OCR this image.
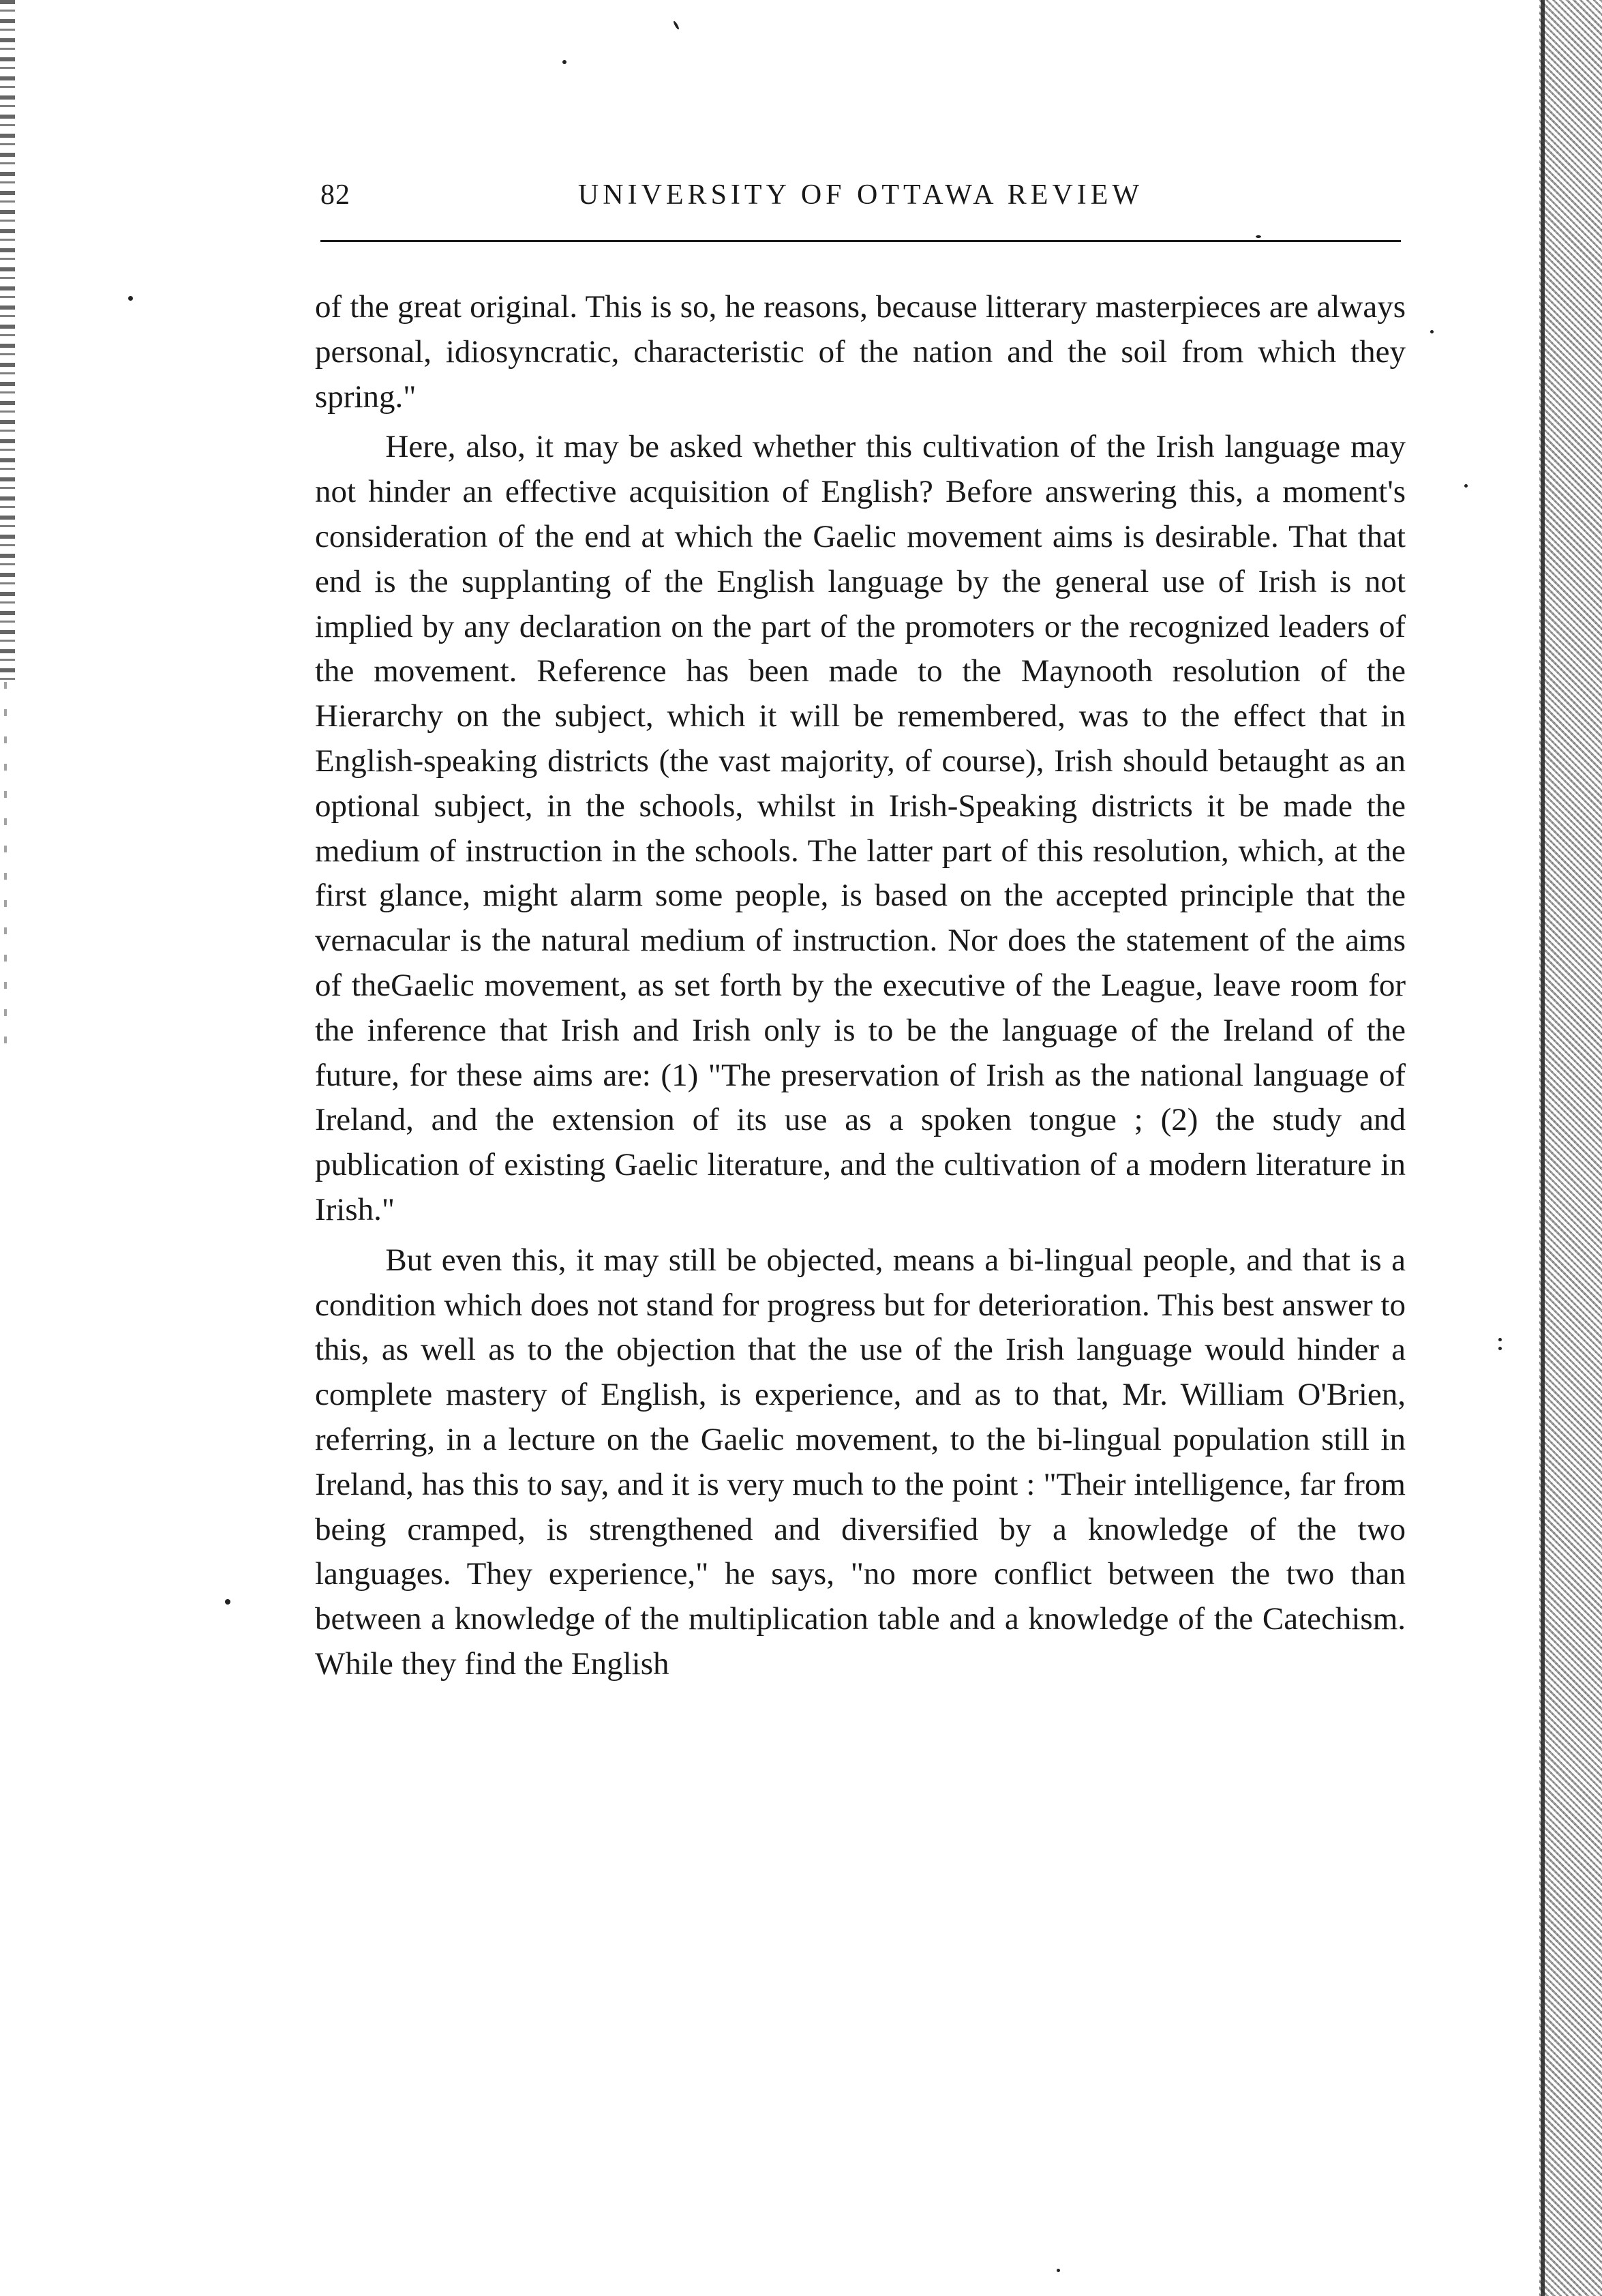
82	UNIVERSITY OF OTTAWA REVIEW

of the great original. This is so, he reasons, because litterary masterpieces are always personal, idiosyncratic, characteristic of the nation and the soil from which they spring."

Here, also, it may be asked whether this cultivation of the Irish language may not hinder an effective acquisition of English? Before answering this, a moment's consideration of the end at which the Gaelic movement aims is desirable. That that end is the supplanting of the English language by the general use of Irish is not implied by any declaration on the part of the promoters or the recognized leaders of the movement. Reference has been made to the Maynooth resolution of the Hierarchy on the subject, which it will be remembered, was to the effect that in English-speaking districts (the vast majority, of course), Irish should betaught as an optional subject, in the schools, whilst in Irish-Speaking districts it be made the medium of instruction in the schools. The latter part of this resolution, which, at the first glance, might alarm some people, is based on the accepted principle that the vernacular is the natural medium of instruction. Nor does the statement of the aims of theGaelic movement, as set forth by the executive of the League, leave room for the inference that Irish and Irish only is to be the language of the Ireland of the future, for these aims are: (1) "The preservation of Irish as the national language of Ireland, and the extension of its use as a spoken tongue ; (2) the study and publication of existing Gaelic literature, and the cultivation of a modern literature in Irish."

But even this, it may still be objected, means a bi-lingual people, and that is a condition which does not stand for progress but for deterioration. This best answer to this, as well as to the objection that the use of the Irish language would hinder a complete mastery of English, is experience, and as to that, Mr. William O'Brien, referring, in a lecture on the Gaelic movement, to the bi-lingual population still in Ireland, has this to say, and it is very much to the point : "Their intelligence, far from being cramped, is strengthened and diversified by a knowledge of the two languages. They experience," he says, "no more conflict between the two than between a knowledge of the multiplication table and a knowledge of the Catechism. While they find the English
